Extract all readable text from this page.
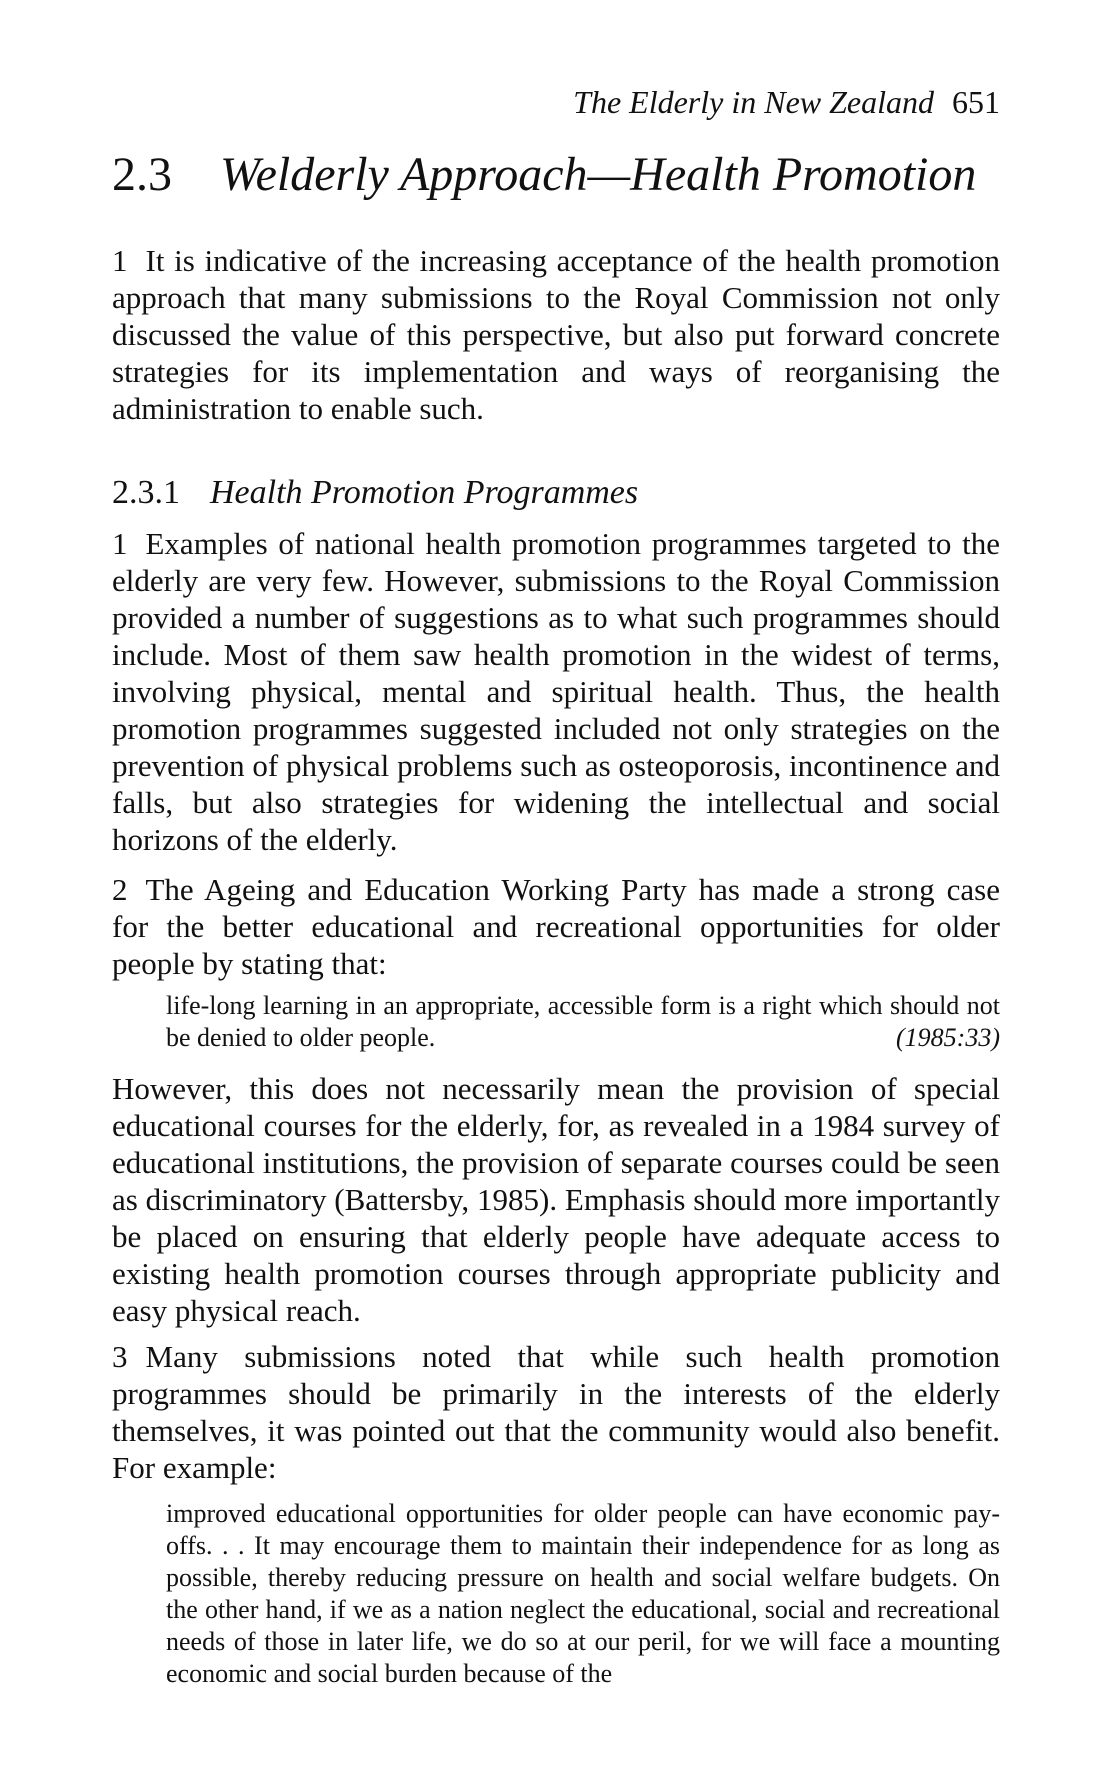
The Elderly in New Zealand 651
2.3 Welderly Approach—Health Promotion

1 It is indicative of the increasing acceptance of the health promotion approach that many submissions to the Royal Commission not only discussed the value of this perspective, but also put forward concrete strategies for its implementation and ways of reorganising the administration to enable such.

2.3.1 Health Promotion Programmes

1 Examples of national health promotion programmes targeted to the elderly are very few. However, submissions to the Royal Commission provided a number of suggestions as to what such programmes should include. Most of them saw health promotion in the widest of terms, involving physical, mental and spiritual health. Thus, the health promotion programmes suggested included not only strategies on the prevention of physical problems such as osteoporosis, incontinence and falls, but also strategies for widening the intellectual and social horizons of the elderly.

2 The Ageing and Education Working Party has made a strong case for the better educational and recreational opportunities for older people by stating that:

life-long learning in an appropriate, accessible form is a right which should not be denied to older people.	(1985:33)

However, this does not necessarily mean the provision of special educational courses for the elderly, for, as revealed in a 1984 survey of educational institutions, the provision of separate courses could be seen as discriminatory (Battersby, 1985). Emphasis should more importantly be placed on ensuring that elderly people have adequate access to existing health promotion courses through appropriate publicity and easy physical reach.

3 Many submissions noted that while such health promotion programmes should be primarily in the interests of the elderly themselves, it was pointed out that the community would also benefit. For example:

improved educational opportunities for older people can have economic pay-offs. . . It may encourage them to maintain their independence for as long as possible, thereby reducing pressure on health and social welfare budgets. On the other hand, if we as a nation neglect the educational, social and recreational needs of those in later life, we do so at our peril, for we will face a mounting economic and social burden because of the
